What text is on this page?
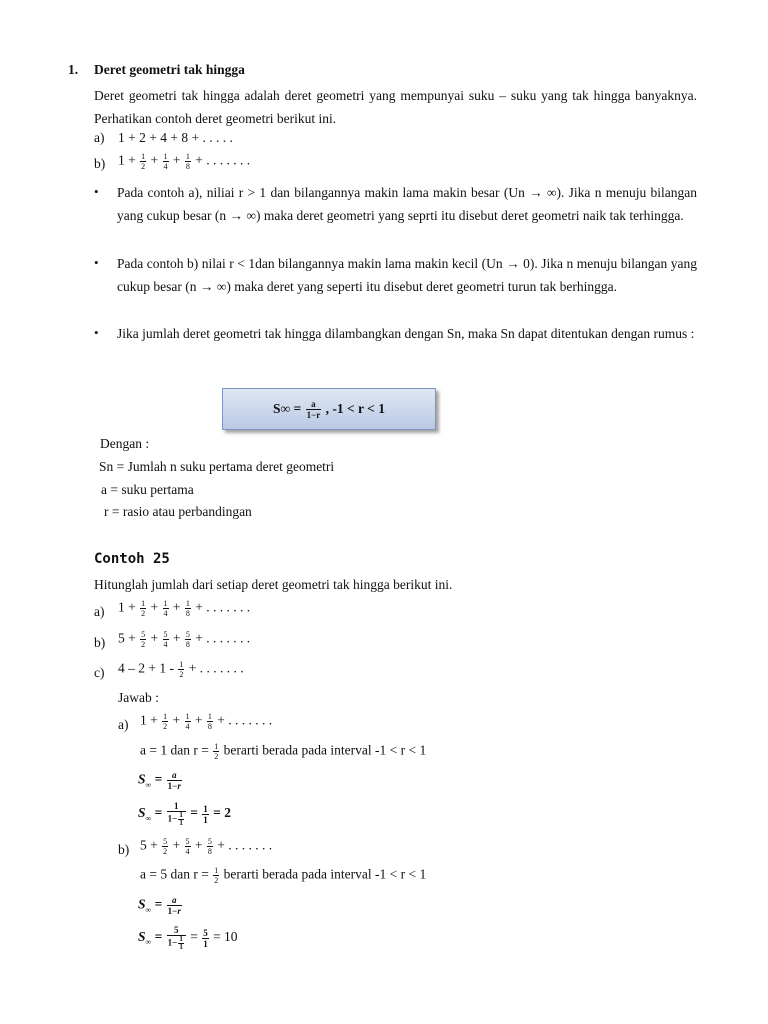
1. Deret geometri tak hingga
Deret geometri tak hingga adalah deret geometri yang mempunyai suku – suku yang tak hingga banyaknya. Perhatikan contoh deret geometri berikut ini.
a) 1 + 2 + 4 + 8 + . . . . .
b) $1 + \frac{1}{2} + \frac{1}{4} + \frac{1}{8}$ + . . . . . . .
• Pada contoh a), niliai r > 1 dan bilangannya makin lama makin besar (Un → ∞). Jika n menuju bilangan yang cukup besar (n → ∞) maka deret geometri yang seprti itu disebut deret geometri naik tak terhingga.
• Pada contoh b) nilai r < 1dan bilangannya makin lama makin kecil (Un → 0). Jika n menuju bilangan yang cukup besar (n → ∞) maka deret yang seperti itu disebut deret geometri turun tak berhingga.
• Jika jumlah deret geometri tak hingga dilambangkan dengan Sn, maka Sn dapat ditentukan dengan rumus :
$S\infty = \frac{a}{1-r}$ , -1 < r < 1
Dengan :
Sn = Jumlah n suku pertama deret geometri
a = suku pertama
r = rasio atau perbandingan
Contoh 25
Hitunglah jumlah dari setiap deret geometri tak hingga berikut ini.
a) $1 + \frac{1}{2} + \frac{1}{4} + \frac{1}{8}$ + . . . . . . .
b) $5 + \frac{5}{2} + \frac{5}{4} + \frac{5}{8}$ + . . . . . . .
c) $4 - 2 + 1 - \frac{1}{2}$ + . . . . . . .
Jawab :
a) $1 + \frac{1}{2} + \frac{1}{4} + \frac{1}{8}$ + . . . . . . .
a = 1 dan $r = \frac{1}{2}$ berarti berada pada interval -1 < r < 1
$S_\infty = \frac{a}{1-r}$
$S_\infty = \frac{1}{1- \frac{1}{1}} = \frac{1}{1} = 2$
b) $5 + \frac{5}{2} + \frac{5}{4} + \frac{5}{8}$ + . . . . . . .
a = 5 dan $r = \frac{1}{2}$ berarti berada pada interval -1 < r < 1
$S_\infty = \frac{a}{1-r}$
$S_\infty = \frac{5}{1- \frac{1}{1}} = \frac{5}{1} = 10$
